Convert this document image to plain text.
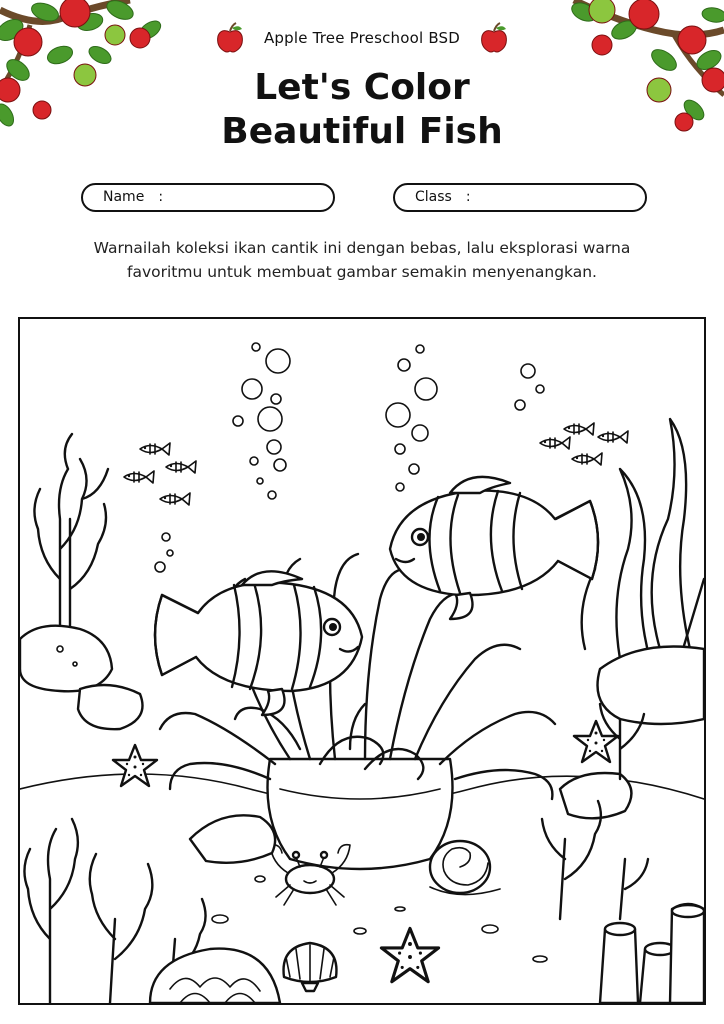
Apple Tree Preschool BSD
Let's Color
Beautiful Fish
Name :	Class :
Warnailah koleksi ikan cantik ini dengan bebas, lalu eksplorasi warna
favoritmu untuk membuat gambar semakin menyenangkan.
